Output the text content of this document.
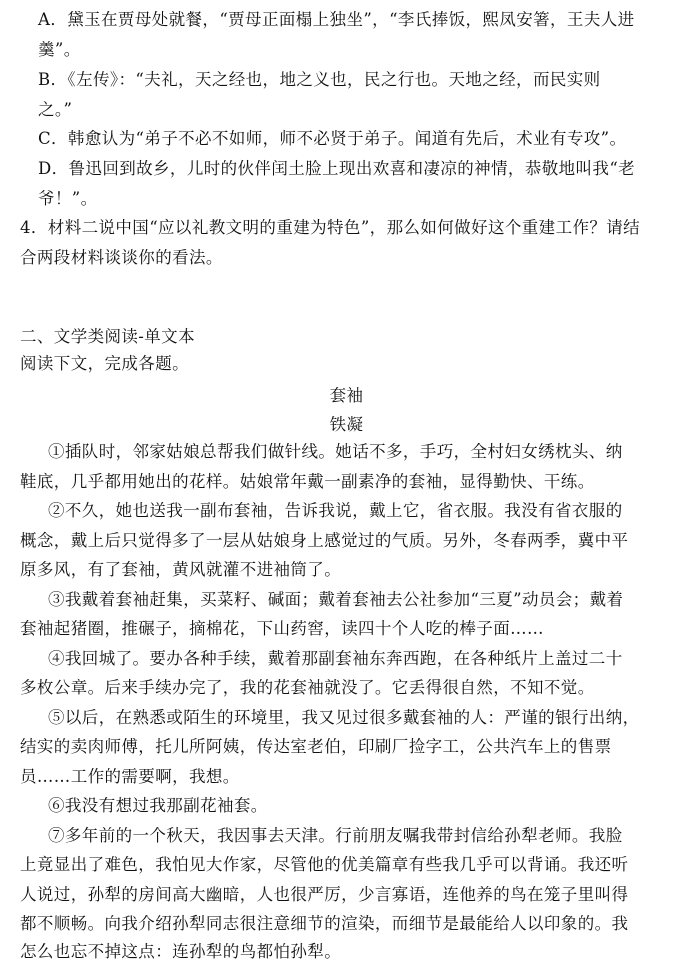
A．黛玉在贾母处就餐，“贾母正面榻上独坐”，“李氏捧饭，熙凤安箸，王夫人进
羹”。
B．《左传》：“夫礼，天之经也，地之义也，民之行也。天地之经，而民实则
之。”
C．韩愈认为“弟子不必不如师，师不必贤于弟子。闻道有先后，术业有专攻”。
D．鲁迅回到故乡，儿时的伙伴闰土脸上现出欢喜和凄凉的神情，恭敬地叫我“老
爷！”。
4．材料二说中国“应以礼教文明的重建为特色”，那么如何做好这个重建工作？请结
合两段材料谈谈你的看法。
二、文学类阅读-单文本
阅读下文，完成各题。
套袖
铁凝
①插队时，邻家姑娘总帮我们做针线。她话不多，手巧，全村妇女绣枕头、纳
鞋底，几乎都用她出的花样。姑娘常年戴一副素净的套袖，显得勤快、干练。
②不久，她也送我一副布套袖，告诉我说，戴上它，省衣服。我没有省衣服的
概念，戴上后只觉得多了一层从姑娘身上感觉过的气质。另外，冬春两季，冀中平
原多风，有了套袖，黄风就灌不进袖筒了。
③我戴着套袖赶集，买菜籽、碱面；戴着套袖去公社参加“三夏”动员会；戴着
套袖起猪圈，推碾子，摘棉花，下山药窖，读四十个人吃的棒子面……
④我回城了。要办各种手续，戴着那副套袖东奔西跑，在各种纸片上盖过二十
多枚公章。后来手续办完了，我的花套袖就没了。它丢得很自然，不知不觉。
⑤以后，在熟悉或陌生的环境里，我又见过很多戴套袖的人：严谨的银行出纳，
结实的卖肉师傅，托儿所阿姨，传达室老伯，印刷厂捡字工，公共汽车上的售票
员……工作的需要啊，我想。
⑥我没有想过我那副花袖套。
⑦多年前的一个秋天，我因事去天津。行前朋友嘱我带封信给孙犁老师。我脸
上竟显出了难色，我怕见大作家，尽管他的优美篇章有些我几乎可以背诵。我还听
人说过，孙犁的房间高大幽暗，人也很严厉，少言寡语，连他养的鸟在笼子里叫得
都不顺畅。向我介绍孙犁同志很注意细节的渲染，而细节是最能给人以印象的。我
怎么也忘不掉这点：连孙犁的鸟都怕孙犁。
